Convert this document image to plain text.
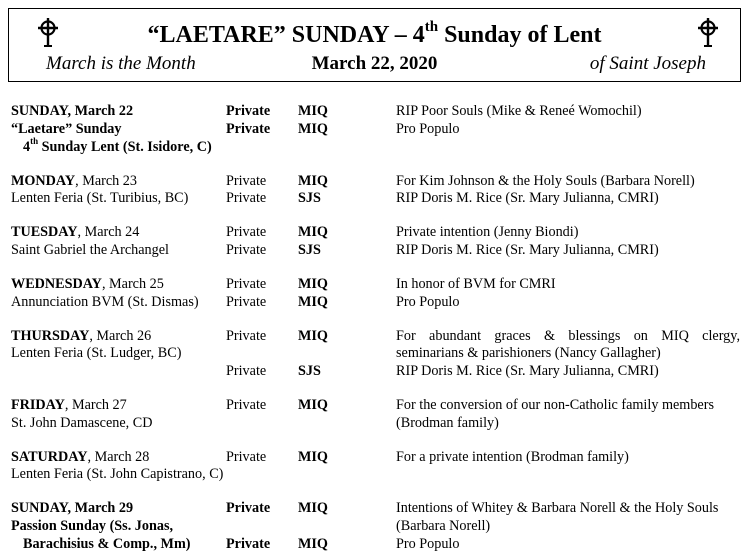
“LAETARE” SUNDAY – 4th Sunday of Lent
March is the Month	March 22, 2020	of Saint Joseph
SUNDAY, March 22	Private MIQ	RIP Poor Souls (Mike & Reneé Womochil)
“Laetare” Sunday	Private MIQ	Pro Populo
4th Sunday Lent (St. Isidore, C)
MONDAY, March 23	Private MIQ	For Kim Johnson & the Holy Souls (Barbara Norell)
Lenten Feria (St. Turibius, BC)	Private SJS	RIP Doris M. Rice (Sr. Mary Julianna, CMRI)
TUESDAY, March 24	Private MIQ	Private intention (Jenny Biondi)
Saint Gabriel the Archangel	Private SJS	RIP Doris M. Rice (Sr. Mary Julianna, CMRI)
WEDNESDAY, March 25	Private MIQ	In honor of BVM for CMRI
Annunciation BVM (St. Dismas) Private MIQ	Pro Populo
THURSDAY, March 26	Private MIQ	For abundant graces & blessings on MIQ clergy,
Lenten Feria (St. Ludger, BC)	seminarians & parishioners (Nancy Gallagher)
Private SJS	RIP Doris M. Rice (Sr. Mary Julianna, CMRI)
FRIDAY, March 27	Private MIQ	For the conversion of our non-Catholic family members
St. John Damascene, CD	(Brodman family)
SATURDAY, March 28	Private MIQ	For a private intention (Brodman family)
Lenten Feria (St. John Capistrano, C)
SUNDAY, March 29	Private MIQ	Intentions of Whitey & Barbara Norell & the Holy Souls
Passion Sunday (Ss. Jonas,	(Barbara Norell)
Barachisius & Comp., Mm)	Private MIQ	Pro Populo
